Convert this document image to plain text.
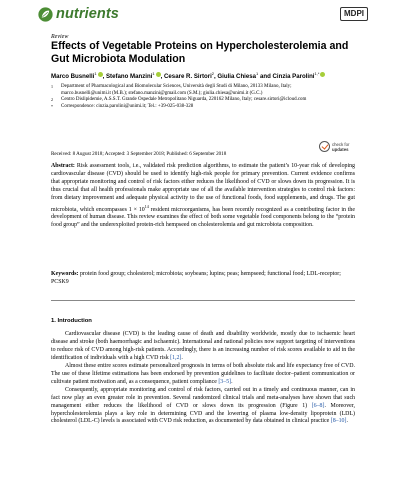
nutrients	MDPI
Review
Effects of Vegetable Proteins on Hypercholesterolemia and Gut Microbiota Modulation
Marco Busnelli$^1$ , Stefano Manzini$^1$ , Cesare R. Sirtori$^2$, Giulia Chiesa$^1$ and Cinzia Parolini$^{1,*}$
1	Department of Pharmacological and Biomolecular Sciences, Università degli Studi di Milano, 20133 Milano, Italy; marco.busnelli@unimi.it (M.B.); stefano.manzini@gmail.com (S.M.); giulia.chiesa@unimi.it (G.C.)
2	Centro Dislipidemie, A.S.S.T. Grande Ospedale Metropolitano Niguarda, 220162 Milano, Italy; cesare.sirtori@icloud.com
*	Correspondence: cinzia.parolini@unimi.it; Tel.: +39-025-038-328
check for
updates
Received: 8 August 2018; Accepted: 3 September 2018; Published: 6 September 2018
Abstract: Risk assessment tools, i.e., validated risk prediction algorithms, to estimate the patient’s 10-year risk of developing cardiovascular disease (CVD) should be used to identify high-risk people for primary prevention. Current evidence confirms that appropriate monitoring and control of risk factors either reduces the likelihood of CVD or slows down its progression. It is thus crucial that all health professionals make appropriate use of all the available intervention strategies to control risk factors: from dietary improvement and adequate physical activity to the use of functional foods, food supplements, and drugs. The gut microbiota, which encompasses $1 \times 10^{14}$ resident microorganisms, has been recently recognized as a contributing factor in the development of human disease. This review examines the effect of both some vegetable food components belong to the “protein food group” and the underexploited protein-rich hempseed on cholesterolemia and gut microbiota composition.
Keywords: protein food group; cholesterol; microbiota; soybeans; lupins; peas; hempseed; functional food; LDL-receptor; PCSK9
1. Introduction

Cardiovascular disease (CVD) is the leading cause of death and disability worldwide, mostly due to ischaemic heart disease and stroke (both haemorrhagic and ischaemic). International and national policies now support targeting of interventions to reduce risk of CVD among high-risk patients. Accordingly, there is an increasing number of risk scores available to aid in the identification of individuals with a high CVD risk [1,2].

Almost these entire scores estimate personalized prognosis in terms of both absolute risk and life expectancy free of CVD. The use of these lifetime estimations has been endorsed by prevention guidelines to facilitate doctor–patient communication or cultivate patient motivation and, as a consequence, patient compliance [3–5].

Consequently, appropriate monitoring and control of risk factors, carried out in a timely and continuous manner, can in fact now play an even greater role in prevention. Several randomized clinical trials and meta-analyses have shown that such management either reduces the likelihood of CVD or slows down its progression (Figure 1) [6–8]. Moreover, hypercholesterolemia plays a key role in determining CVD and the lowering of plasma low-density lipoprotein (LDL) cholesterol (LDL-C) levels is associated with CVD risk reduction, as documented by data obtained in clinical practice [8–10].
